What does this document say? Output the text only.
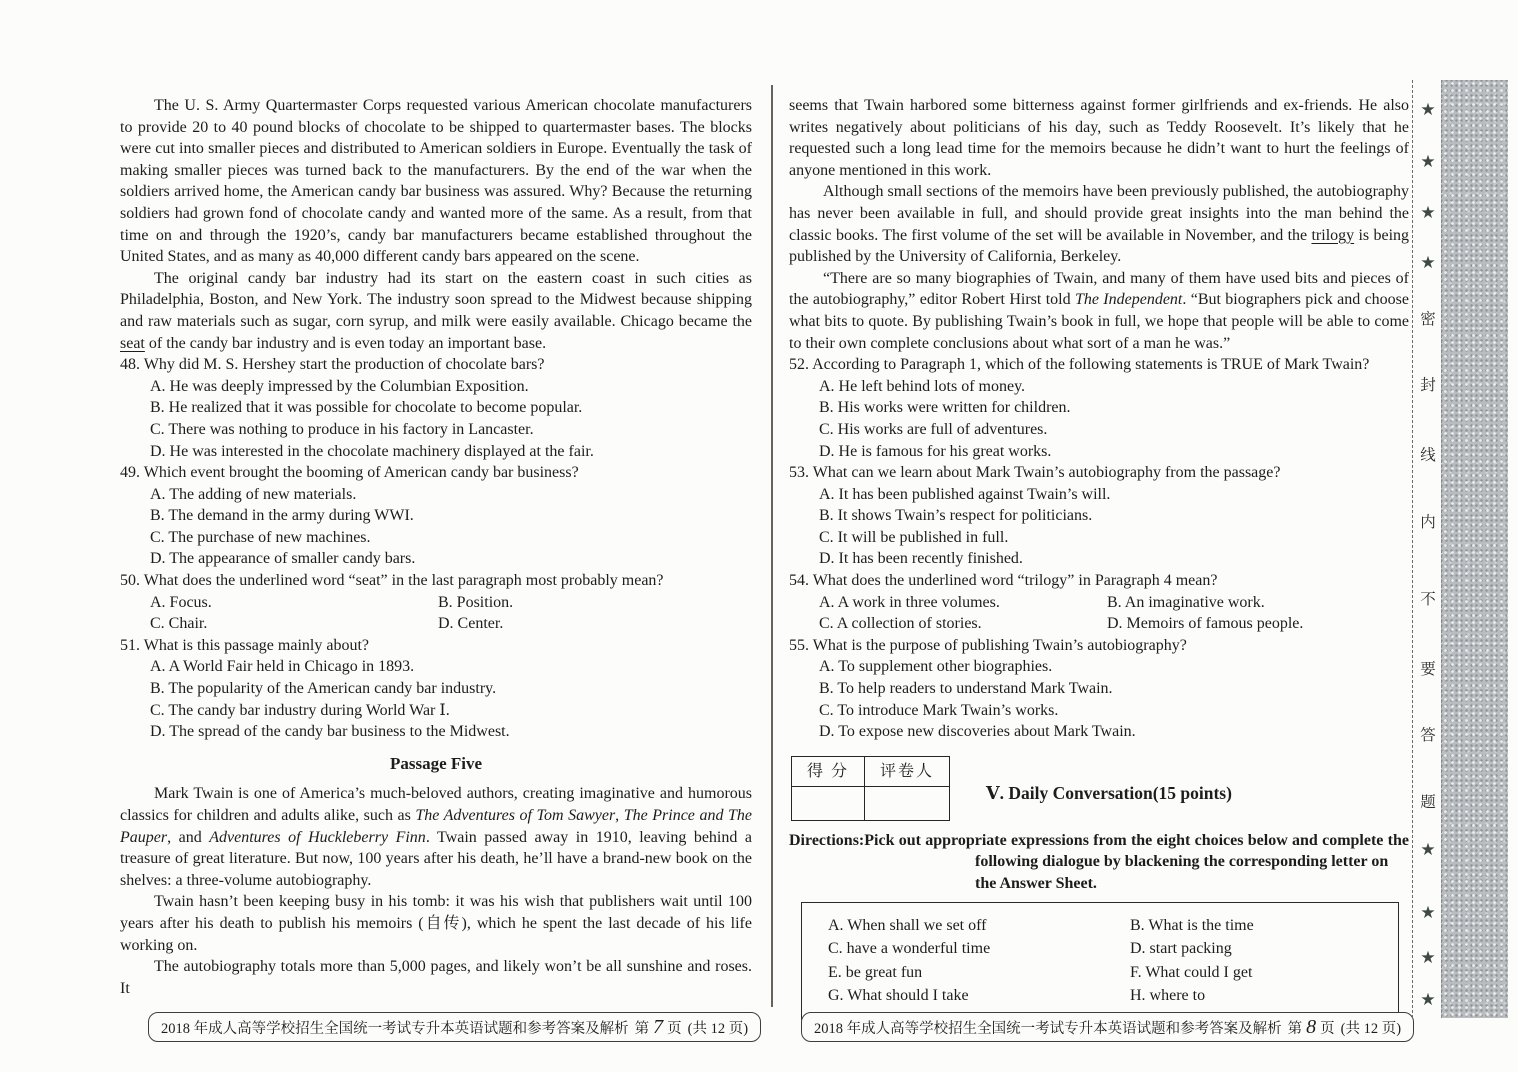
The U. S. Army Quartermaster Corps requested various American chocolate manufacturers to provide 20 to 40 pound blocks of chocolate to be shipped to quartermaster bases. The blocks were cut into smaller pieces and distributed to American soldiers in Europe. Eventually the task of making smaller pieces was turned back to the manufacturers. By the end of the war when the soldiers arrived home, the American candy bar business was assured. Why? Because the returning soldiers had grown fond of chocolate candy and wanted more of the same. As a result, from that time on and through the 1920’s, candy bar manufacturers became established throughout the United States, and as many as 40,000 different candy bars appeared on the scene.

The original candy bar industry had its start on the eastern coast in such cities as Philadelphia, Boston, and New York. The industry soon spread to the Midwest because shipping and raw materials such as sugar, corn syrup, and milk were easily available. Chicago became the seat of the candy bar industry and is even today an important base.

48. Why did M. S. Hershey start the production of chocolate bars?
A. He was deeply impressed by the Columbian Exposition.
B. He realized that it was possible for chocolate to become popular.
C. There was nothing to produce in his factory in Lancaster.
D. He was interested in the chocolate machinery displayed at the fair.
49. Which event brought the booming of American candy bar business?
A. The adding of new materials.
B. The demand in the army during WWI.
C. The purchase of new machines.
D. The appearance of smaller candy bars.
50. What does the underlined word “seat” in the last paragraph most probably mean?
A. Focus.	B. Position.
C. Chair.	D. Center.
51. What is this passage mainly about?
A. A World Fair held in Chicago in 1893.
B. The popularity of the American candy bar industry.
C. The candy bar industry during World War Ⅰ.
D. The spread of the candy bar business to the Midwest.
Passage Five

Mark Twain is one of America’s much-beloved authors, creating imaginative and humorous classics for children and adults alike, such as The Adventures of Tom Sawyer, The Prince and The Pauper, and Adventures of Huckleberry Finn. Twain passed away in 1910, leaving behind a treasure of great literature. But now, 100 years after his death, he’ll have a brand-new book on the shelves: a three-volume autobiography.

Twain hasn’t been keeping busy in his tomb: it was his wish that publishers wait until 100 years after his death to publish his memoirs (自传), which he spent the last decade of his life working on.

The autobiography totals more than 5,000 pages, and likely won’t be all sunshine and roses. It

seems that Twain harbored some bitterness against former girlfriends and ex-friends. He also writes negatively about politicians of his day, such as Teddy Roosevelt. It’s likely that he requested such a long lead time for the memoirs because he didn’t want to hurt the feelings of anyone mentioned in this work.

Although small sections of the memoirs have been previously published, the autobiography has never been available in full, and should provide great insights into the man behind the classic books. The first volume of the set will be available in November, and the trilogy is being published by the University of California, Berkeley.

“There are so many biographies of Twain, and many of them have used bits and pieces of the autobiography,” editor Robert Hirst told The Independent. “But biographers pick and choose what bits to quote. By publishing Twain’s book in full, we hope that people will be able to come to their own complete conclusions about what sort of a man he was.”

52. According to Paragraph 1, which of the following statements is TRUE of Mark Twain?
A. He left behind lots of money.
B. His works were written for children.
C. His works are full of adventures.
D. He is famous for his great works.
53. What can we learn about Mark Twain’s autobiography from the passage?
A. It has been published against Twain’s will.
B. It shows Twain’s respect for politicians.
C. It will be published in full.
D. It has been recently finished.
54. What does the underlined word “trilogy” in Paragraph 4 mean?
A. A work in three volumes.	B. An imaginative work.
C. A collection of stories.	D. Memoirs of famous people.
55. What is the purpose of publishing Twain’s autobiography?
A. To supplement other biographies.
B. To help readers to understand Mark Twain.
C. To introduce Mark Twain’s works.
D. To expose new discoveries about Mark Twain.
得 分	评卷人

Ⅴ. Daily Conversation(15 points)
Directions:Pick out appropriate expressions from the eight choices below and complete the
following dialogue by blackening the corresponding letter on the Answer Sheet.
A. When shall we set off	B. What is the time
C. have a wonderful time	D. start packing
E. be great fun	F. What could I get
G. What should I take	H. where to
2018 年成人高等学校招生全国统一考试专升本英语试题和参考答案及解析 第 7 页 (共 12 页)	2018 年成人高等学校招生全国统一考试专升本英语试题和参考答案及解析 第 8 页 (共 12 页)
★
★
★
★
密
封
线
内
不
要
答
题
★
★
★
★
